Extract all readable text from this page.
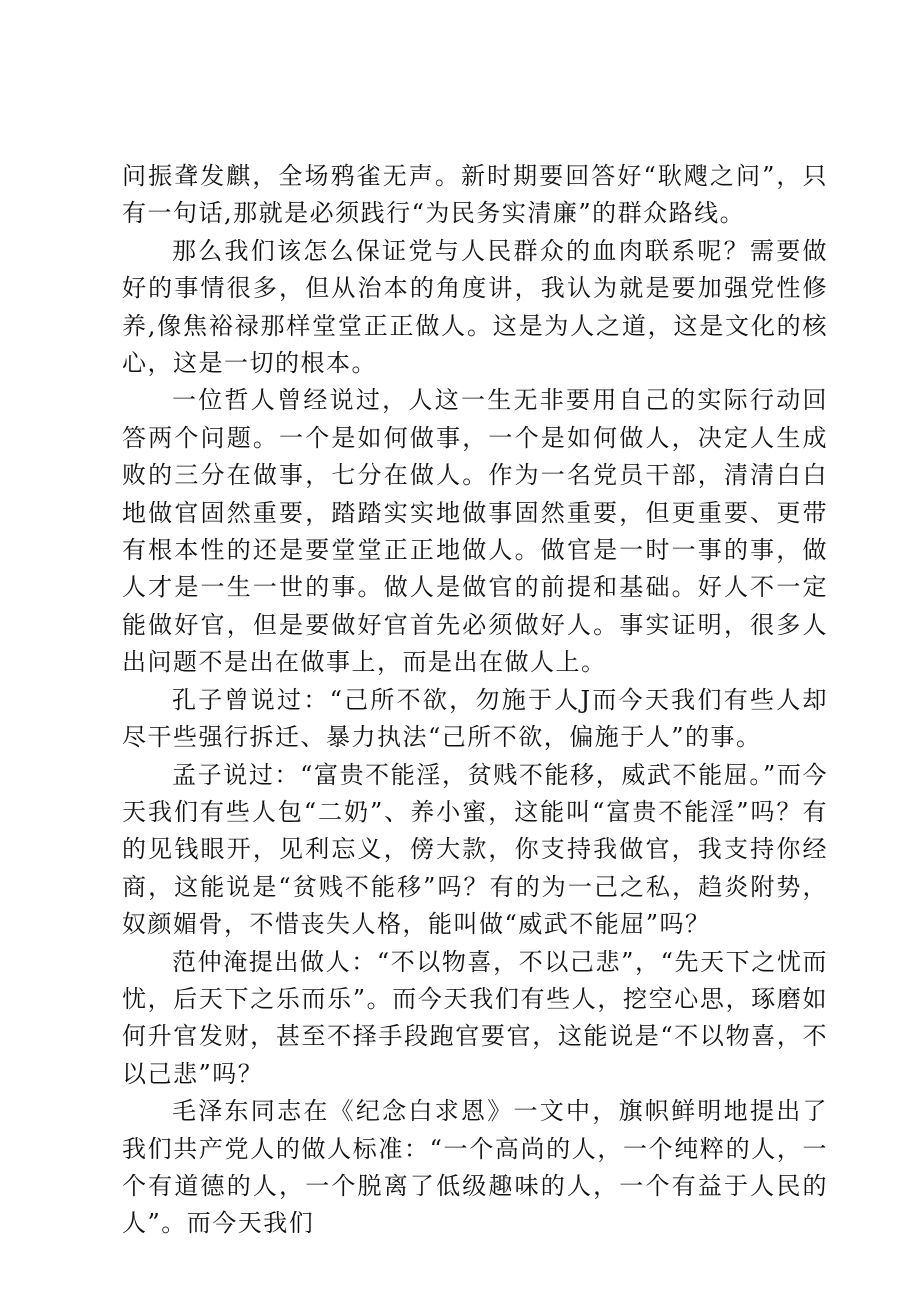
问振聋发麒，全场鸦雀无声。新时期要回答好“耿飕之问”，只有一句话,那就是必须践行“为民务实清廉”的群众路线。

那么我们该怎么保证党与人民群众的血肉联系呢？需要做好的事情很多，但从治本的角度讲，我认为就是要加强党性修养,像焦裕禄那样堂堂正正做人。这是为人之道，这是文化的核心，这是一切的根本。

一位哲人曾经说过，人这一生无非要用自己的实际行动回答两个问题。一个是如何做事，一个是如何做人，决定人生成败的三分在做事，七分在做人。作为一名党员干部，清清白白地做官固然重要，踏踏实实地做事固然重要，但更重要、更带有根本性的还是要堂堂正正地做人。做官是一时一事的事，做人才是一生一世的事。做人是做官的前提和基础。好人不一定能做好官，但是要做好官首先必须做好人。事实证明，很多人出问题不是出在做事上，而是出在做人上。

孔子曾说过：“己所不欲，勿施于人J而今天我们有些人却尽干些强行拆迁、暴力执法“己所不欲，偏施于人”的事。

孟子说过：“富贵不能淫，贫贱不能移，威武不能屈。”而今天我们有些人包“二奶”、养小蜜，这能叫“富贵不能淫”吗？有的见钱眼开，见利忘义，傍大款，你支持我做官，我支持你经商，这能说是“贫贱不能移”吗？有的为一己之私，趋炎附势，奴颜媚骨，不惜丧失人格，能叫做“威武不能屈”吗？

范仲淹提出做人：“不以物喜，不以己悲”，“先天下之忧而忧，后天下之乐而乐”。而今天我们有些人，挖空心思，琢磨如何升官发财，甚至不择手段跑官要官，这能说是“不以物喜，不以己悲”吗？

毛泽东同志在《纪念白求恩》一文中，旗帜鲜明地提出了我们共产党人的做人标准：“一个高尚的人，一个纯粹的人，一个有道德的人，一个脱离了低级趣味的人，一个有益于人民的人”。而今天我们
